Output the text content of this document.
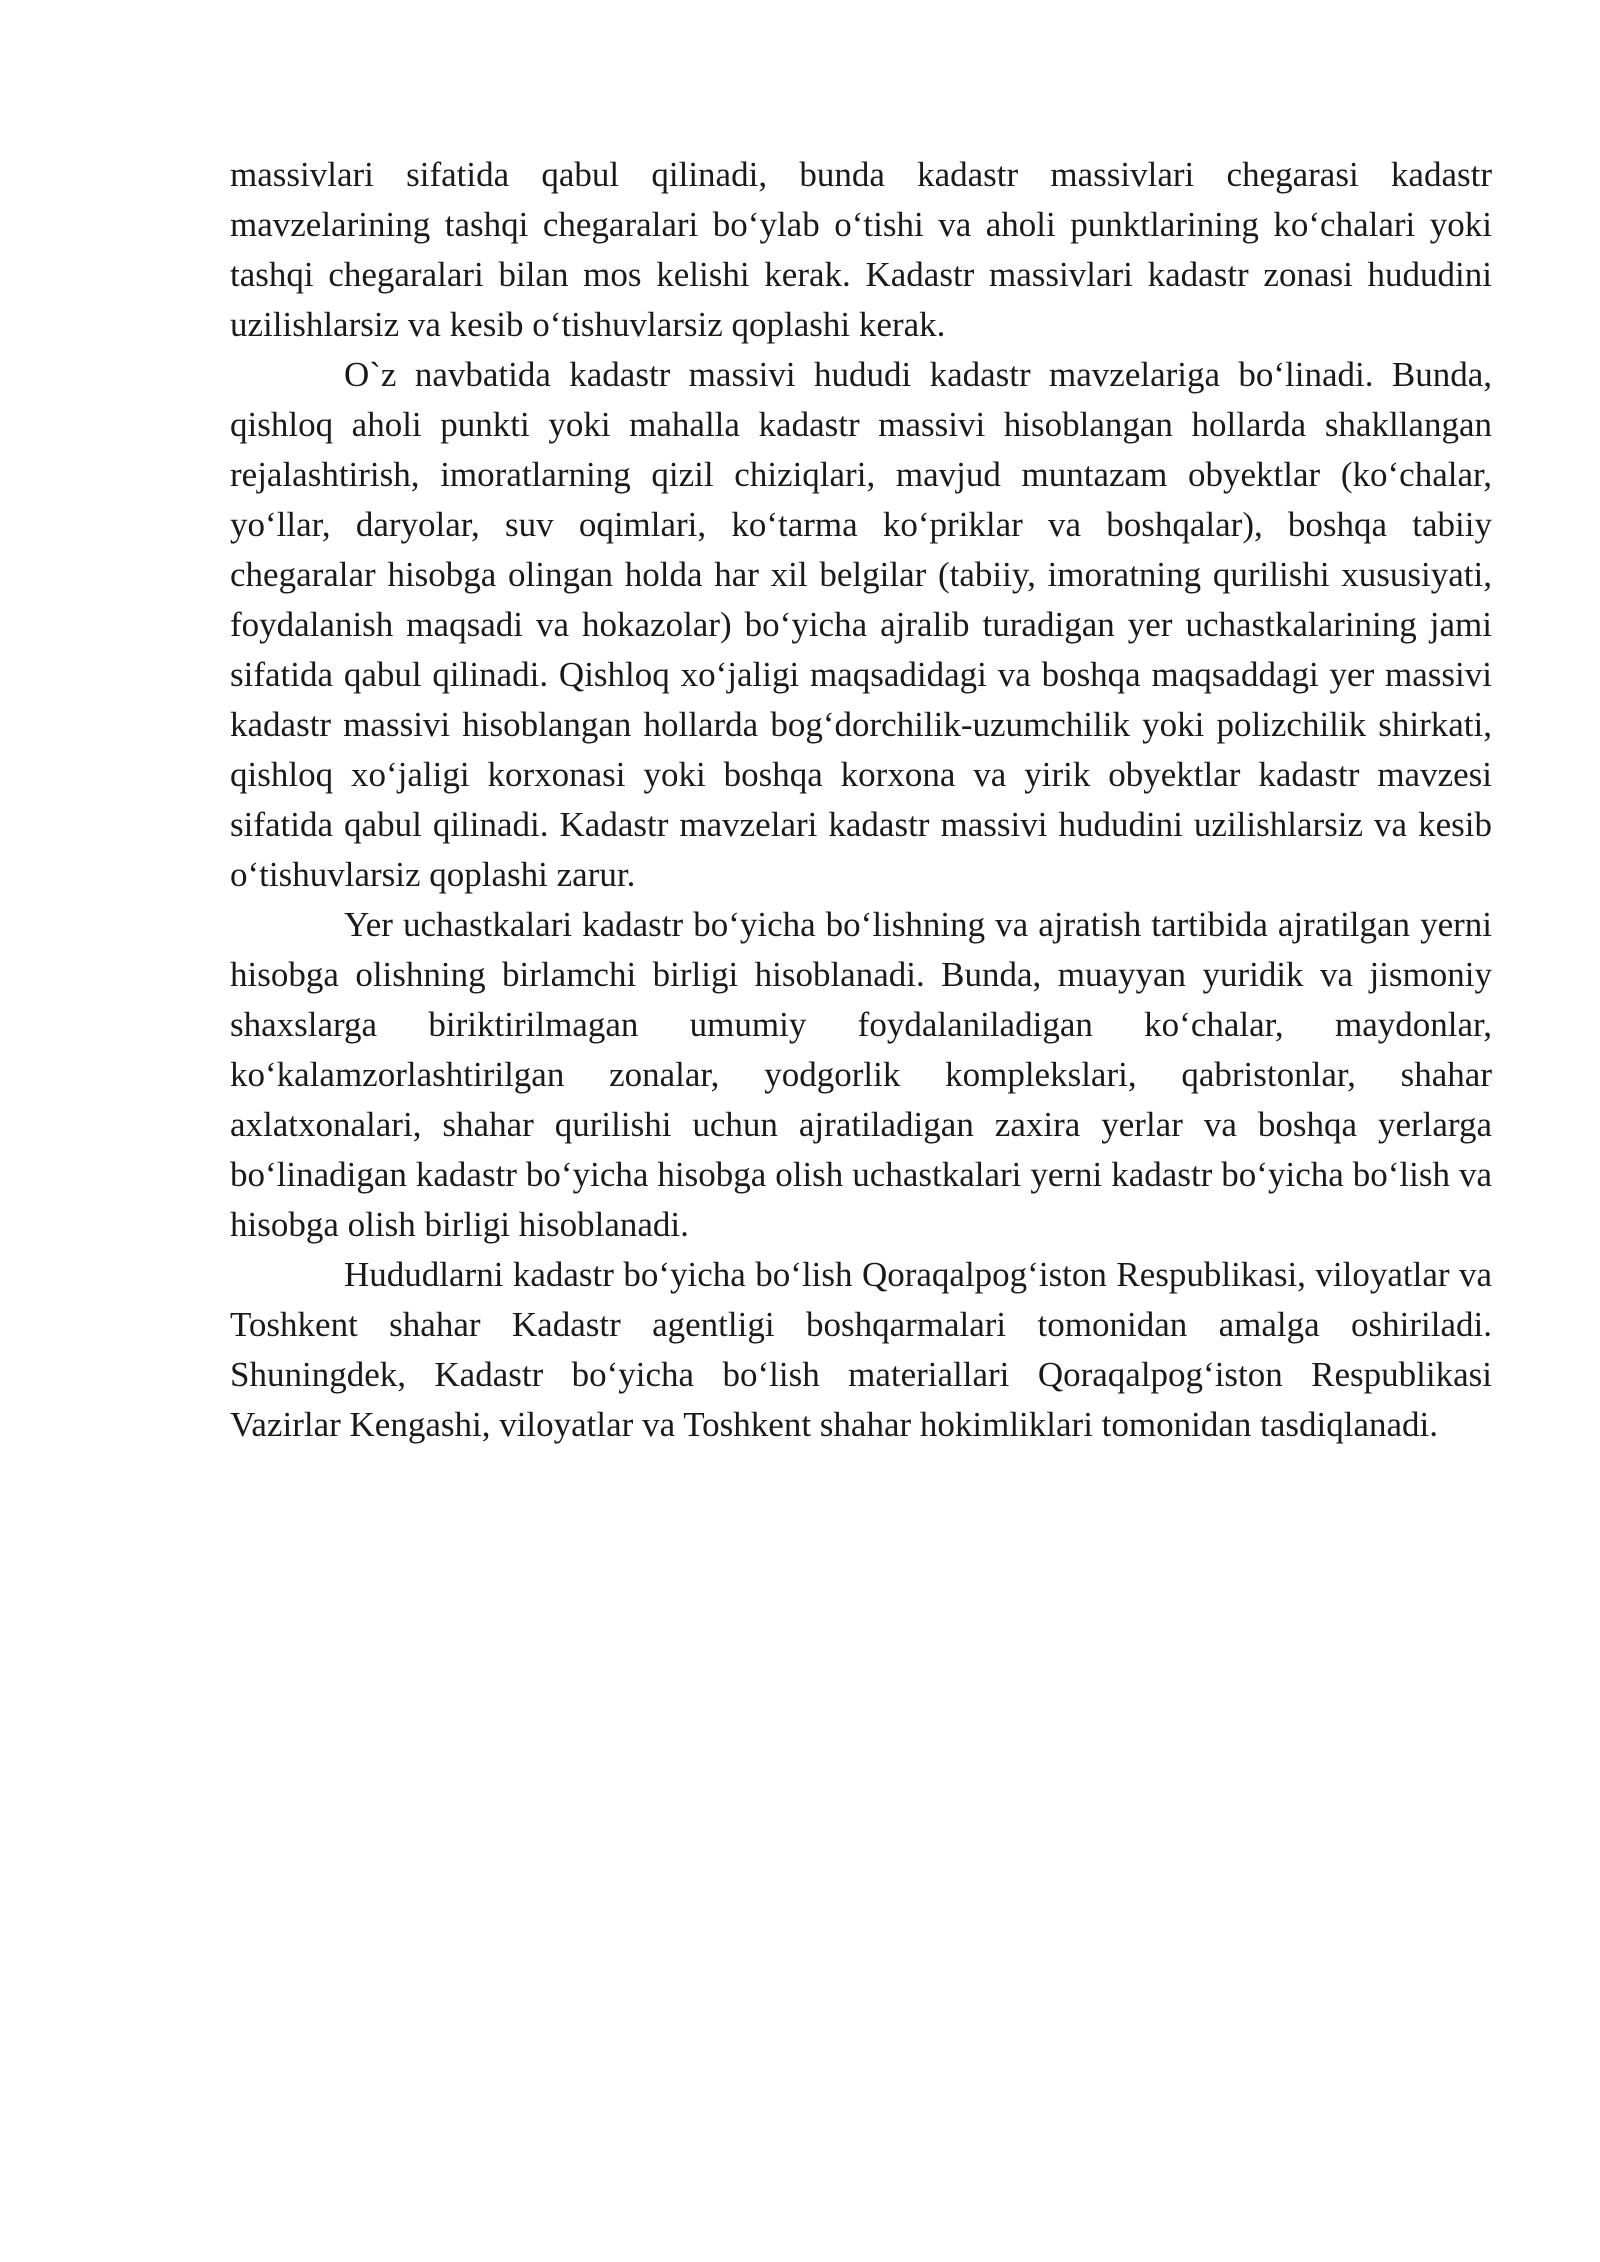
massivlari sifatida qabul qilinadi, bunda kadastr massivlari chegarasi kadastr mavzelarining tashqi chegaralari bo‘ylab o‘tishi va aholi punktlarining ko‘chalari yoki tashqi chegaralari bilan mos kelishi kerak. Kadastr massivlari kadastr zonasi hududini uzilishlarsiz va kesib o‘tishuvlarsiz qoplashi kerak.

O`z navbatida kadastr massivi hududi kadastr mavzelariga bo‘linadi. Bunda, qishloq aholi punkti yoki mahalla kadastr massivi hisoblangan hollarda shakllangan rejalashtirish, imoratlarning qizil chiziqlari, mavjud muntazam obyektlar (ko‘chalar, yo‘llar, daryolar, suv oqimlari, ko‘tarma ko‘priklar va boshqalar), boshqa tabiiy chegaralar hisobga olingan holda har xil belgilar (tabiiy, imoratning qurilishi xususiyati, foydalanish maqsadi va hokazolar) bo‘yicha ajralib turadigan yer uchastkalarining jami sifatida qabul qilinadi. Qishloq xo‘jaligi maqsadidagi va boshqa maqsaddagi yer massivi kadastr massivi hisoblangan hollarda bog‘dorchilik-uzumchilik yoki polizchilik shirkati, qishloq xo‘jaligi korxonasi yoki boshqa korxona va yirik obyektlar kadastr mavzesi sifatida qabul qilinadi. Kadastr mavzelari kadastr massivi hududini uzilishlarsiz va kesib o‘tishuvlarsiz qoplashi zarur.

Yer uchastkalari kadastr bo‘yicha bo‘lishning va ajratish tartibida ajratilgan yerni hisobga olishning birlamchi birligi hisoblanadi. Bunda, muayyan yuridik va jismoniy shaxslarga biriktirilmagan umumiy foydalaniladigan ko‘chalar, maydonlar, ko‘kalamzorlashtirilgan zonalar, yodgorlik komplekslari, qabristonlar, shahar axlatxonalari, shahar qurilishi uchun ajratiladigan zaxira yerlar va boshqa yerlarga bo‘linadigan kadastr bo‘yicha hisobga olish uchastkalari yerni kadastr bo‘yicha bo‘lish va hisobga olish birligi hisoblanadi.

Hududlarni kadastr bo‘yicha bo‘lish Qoraqalpog‘iston Respublikasi, viloyatlar va Toshkent shahar Kadastr agentligi boshqarmalari tomonidan amalga oshiriladi. Shuningdek, Kadastr bo‘yicha bo‘lish materiallari Qoraqalpog‘iston Respublikasi Vazirlar Kengashi, viloyatlar va Toshkent shahar hokimliklari tomonidan tasdiqlanadi.
